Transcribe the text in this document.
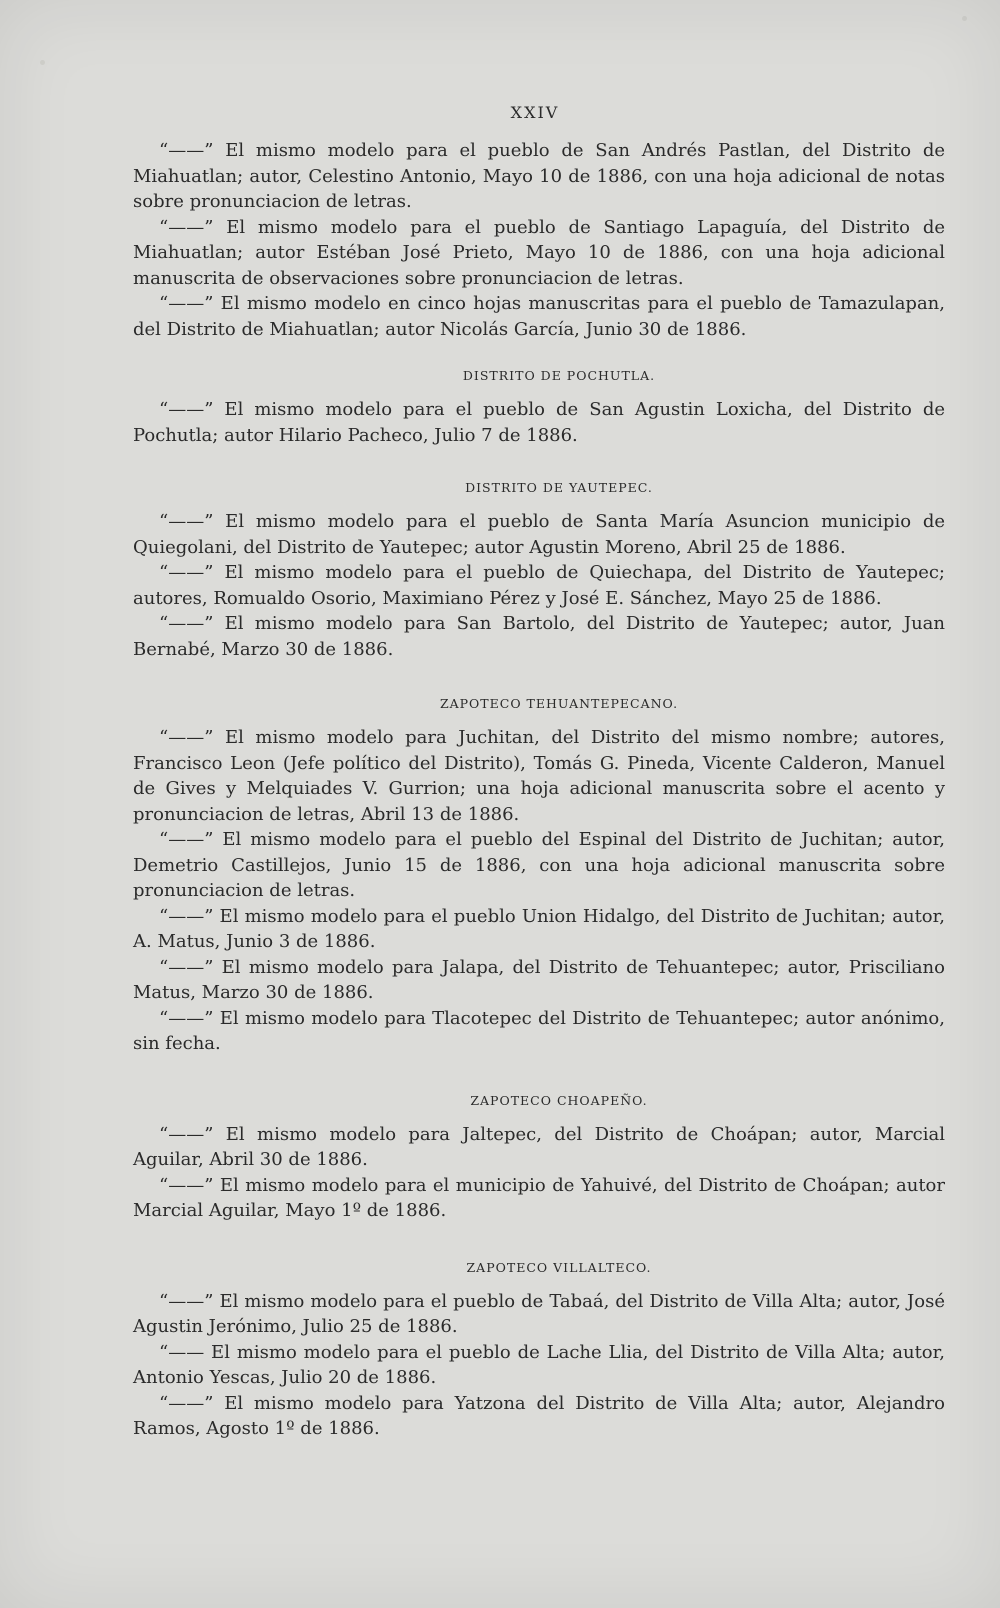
XXIV

“——” El mismo modelo para el pueblo de San Andrés Pastlan, del Distrito de Miahuatlan; autor, Celestino Antonio, Mayo 10 de 1886, con una hoja adicional de notas sobre pronunciacion de letras.

“——” El mismo modelo para el pueblo de Santiago Lapaguía, del Distrito de Miahuatlan; autor Estéban José Prieto, Mayo 10 de 1886, con una hoja adicional manuscrita de observaciones sobre pronunciacion de letras.

“——” El mismo modelo en cinco hojas manuscritas para el pueblo de Tamazulapan, del Distrito de Miahuatlan; autor Nicolás García, Junio 30 de 1886.

DISTRITO DE POCHUTLA.

“——” El mismo modelo para el pueblo de San Agustin Loxicha, del Distrito de Pochutla; autor Hilario Pacheco, Julio 7 de 1886.

DISTRITO DE YAUTEPEC.

“——” El mismo modelo para el pueblo de Santa María Asuncion municipio de Quiegolani, del Distrito de Yautepec; autor Agustin Moreno, Abril 25 de 1886.

“——” El mismo modelo para el pueblo de Quiechapa, del Distrito de Yautepec; autores, Romualdo Osorio, Maximiano Pérez y José E. Sánchez, Mayo 25 de 1886.

“——” El mismo modelo para San Bartolo, del Distrito de Yautepec; autor, Juan Bernabé, Marzo 30 de 1886.

ZAPOTECO TEHUANTEPECANO.

“——” El mismo modelo para Juchitan, del Distrito del mismo nombre; autores, Francisco Leon (Jefe político del Distrito), Tomás G. Pineda, Vicente Calderon, Manuel de Gives y Melquiades V. Gurrion; una hoja adicional manuscrita sobre el acento y pronunciacion de letras, Abril 13 de 1886.

“——” El mismo modelo para el pueblo del Espinal del Distrito de Juchitan; autor, Demetrio Castillejos, Junio 15 de 1886, con una hoja adicional manuscrita sobre pronunciacion de letras.

“——” El mismo modelo para el pueblo Union Hidalgo, del Distrito de Juchitan; autor, A. Matus, Junio 3 de 1886.

“——” El mismo modelo para Jalapa, del Distrito de Tehuantepec; autor, Prisciliano Matus, Marzo 30 de 1886.

“——” El mismo modelo para Tlacotepec del Distrito de Tehuantepec; autor anónimo, sin fecha.

ZAPOTECO CHOAPEÑO.

“——” El mismo modelo para Jaltepec, del Distrito de Choápan; autor, Marcial Aguilar, Abril 30 de 1886.

“——” El mismo modelo para el municipio de Yahuivé, del Distrito de Choápan; autor Marcial Aguilar, Mayo 1º de 1886.

ZAPOTECO VILLALTECO.

“——” El mismo modelo para el pueblo de Tabaá, del Distrito de Villa Alta; autor, José Agustin Jerónimo, Julio 25 de 1886.

“—— El mismo modelo para el pueblo de Lache Llia, del Distrito de Villa Alta; autor, Antonio Yescas, Julio 20 de 1886.

“——” El mismo modelo para Yatzona del Distrito de Villa Alta; autor, Alejandro Ramos, Agosto 1º de 1886.
